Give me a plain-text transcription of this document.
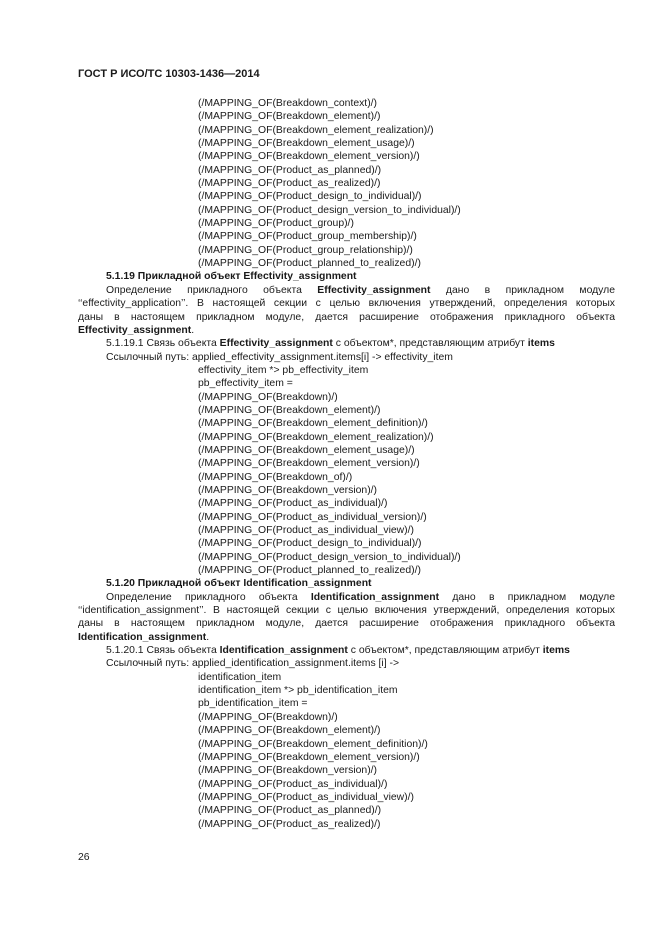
ГОСТ Р ИСО/ТС 10303-1436—2014
(/MAPPING_OF(Breakdown_context)/)
(/MAPPING_OF(Breakdown_element)/)
(/MAPPING_OF(Breakdown_element_realization)/)
(/MAPPING_OF(Breakdown_element_usage)/)
(/MAPPING_OF(Breakdown_element_version)/)
(/MAPPING_OF(Product_as_planned)/)
(/MAPPING_OF(Product_as_realized)/)
(/MAPPING_OF(Product_design_to_individual)/)
(/MAPPING_OF(Product_design_version_to_individual)/)
(/MAPPING_OF(Product_group)/)
(/MAPPING_OF(Product_group_membership)/)
(/MAPPING_OF(Product_group_relationship)/)
(/MAPPING_OF(Product_planned_to_realized)/)
5.1.19 Прикладной объект Effectivity_assignment
Определение прикладного объекта Effectivity_assignment дано в прикладном модуле
‘‘effectivity_application’’. В настоящей секции с целью включения утверждений, определения которых
даны в настоящем прикладном модуле, дается расширение отображения прикладного объекта
Effectivity_assignment.
5.1.19.1 Связь объекта Effectivity_assignment с объектом*, представляющим атрибут items
Ссылочный путь: applied_effectivity_assignment.items[i] -> effectivity_item
effectivity_item *> pb_effectivity_item
pb_effectivity_item =
(/MAPPING_OF(Breakdown)/)
(/MAPPING_OF(Breakdown_element)/)
(/MAPPING_OF(Breakdown_element_definition)/)
(/MAPPING_OF(Breakdown_element_realization)/)
(/MAPPING_OF(Breakdown_element_usage)/)
(/MAPPING_OF(Breakdown_element_version)/)
(/MAPPING_OF(Breakdown_of)/)
(/MAPPING_OF(Breakdown_version)/)
(/MAPPING_OF(Product_as_individual)/)
(/MAPPING_OF(Product_as_individual_version)/)
(/MAPPING_OF(Product_as_individual_view)/)
(/MAPPING_OF(Product_design_to_individual)/)
(/MAPPING_OF(Product_design_version_to_individual)/)
(/MAPPING_OF(Product_planned_to_realized)/)
5.1.20 Прикладной объект Identification_assignment
Определение прикладного объекта Identification_assignment дано в прикладном модуле
‘‘identification_assignment’’. В настоящей секции с целью включения утверждений, определения которых
даны в настоящем прикладном модуле, дается расширение отображения прикладного объекта
Identification_assignment.
5.1.20.1 Связь объекта Identification_assignment с объектом*, представляющим атрибут items
Ссылочный путь: applied_identification_assignment.items [i] ->
identification_item
identification_item *> pb_identification_item
pb_identification_item =
(/MAPPING_OF(Breakdown)/)
(/MAPPING_OF(Breakdown_element)/)
(/MAPPING_OF(Breakdown_element_definition)/)
(/MAPPING_OF(Breakdown_element_version)/)
(/MAPPING_OF(Breakdown_version)/)
(/MAPPING_OF(Product_as_individual)/)
(/MAPPING_OF(Product_as_individual_view)/)
(/MAPPING_OF(Product_as_planned)/)
(/MAPPING_OF(Product_as_realized)/)
26
